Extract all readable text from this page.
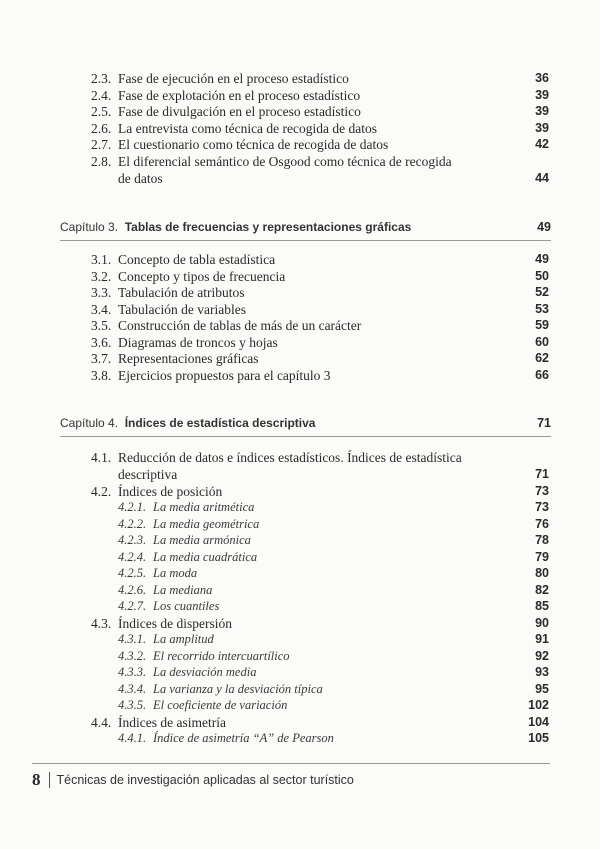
2.3. Fase de ejecución en el proceso estadístico	36
2.4. Fase de explotación en el proceso estadístico	39
2.5. Fase de divulgación en el proceso estadístico	39
2.6. La entrevista como técnica de recogida de datos	39
2.7. El cuestionario como técnica de recogida de datos	42
2.8. El diferencial semántico de Osgood como técnica de recogida
de datos	44
Capítulo 3. Tablas de frecuencias y representaciones gráficas	49
3.1. Concepto de tabla estadística	49
3.2. Concepto y tipos de frecuencia	50
3.3. Tabulación de atributos	52
3.4. Tabulación de variables	53
3.5. Construcción de tablas de más de un carácter	59
3.6. Diagramas de troncos y hojas	60
3.7. Representaciones gráficas	62
3.8. Ejercicios propuestos para el capítulo 3	66
Capítulo 4. Índices de estadística descriptiva	71
4.1. Reducción de datos e índices estadísticos. Índices de estadística
descriptiva	71
4.2. Índices de posición	73
4.2.1. La media aritmética	73
4.2.2. La media geométrica	76
4.2.3. La media armónica	78
4.2.4. La media cuadrática	79
4.2.5. La moda	80
4.2.6. La mediana	82
4.2.7. Los cuantiles	85
4.3. Índices de dispersión	90
4.3.1. La amplitud	91
4.3.2. El recorrido intercuartílico	92
4.3.3. La desviación media	93
4.3.4. La varianza y la desviación típica	95
4.3.5. El coeficiente de variación	102
4.4. Índices de asimetría	104
4.4.1. Índice de asimetría “A” de Pearson	105
8 Técnicas de investigación aplicadas al sector turístico
